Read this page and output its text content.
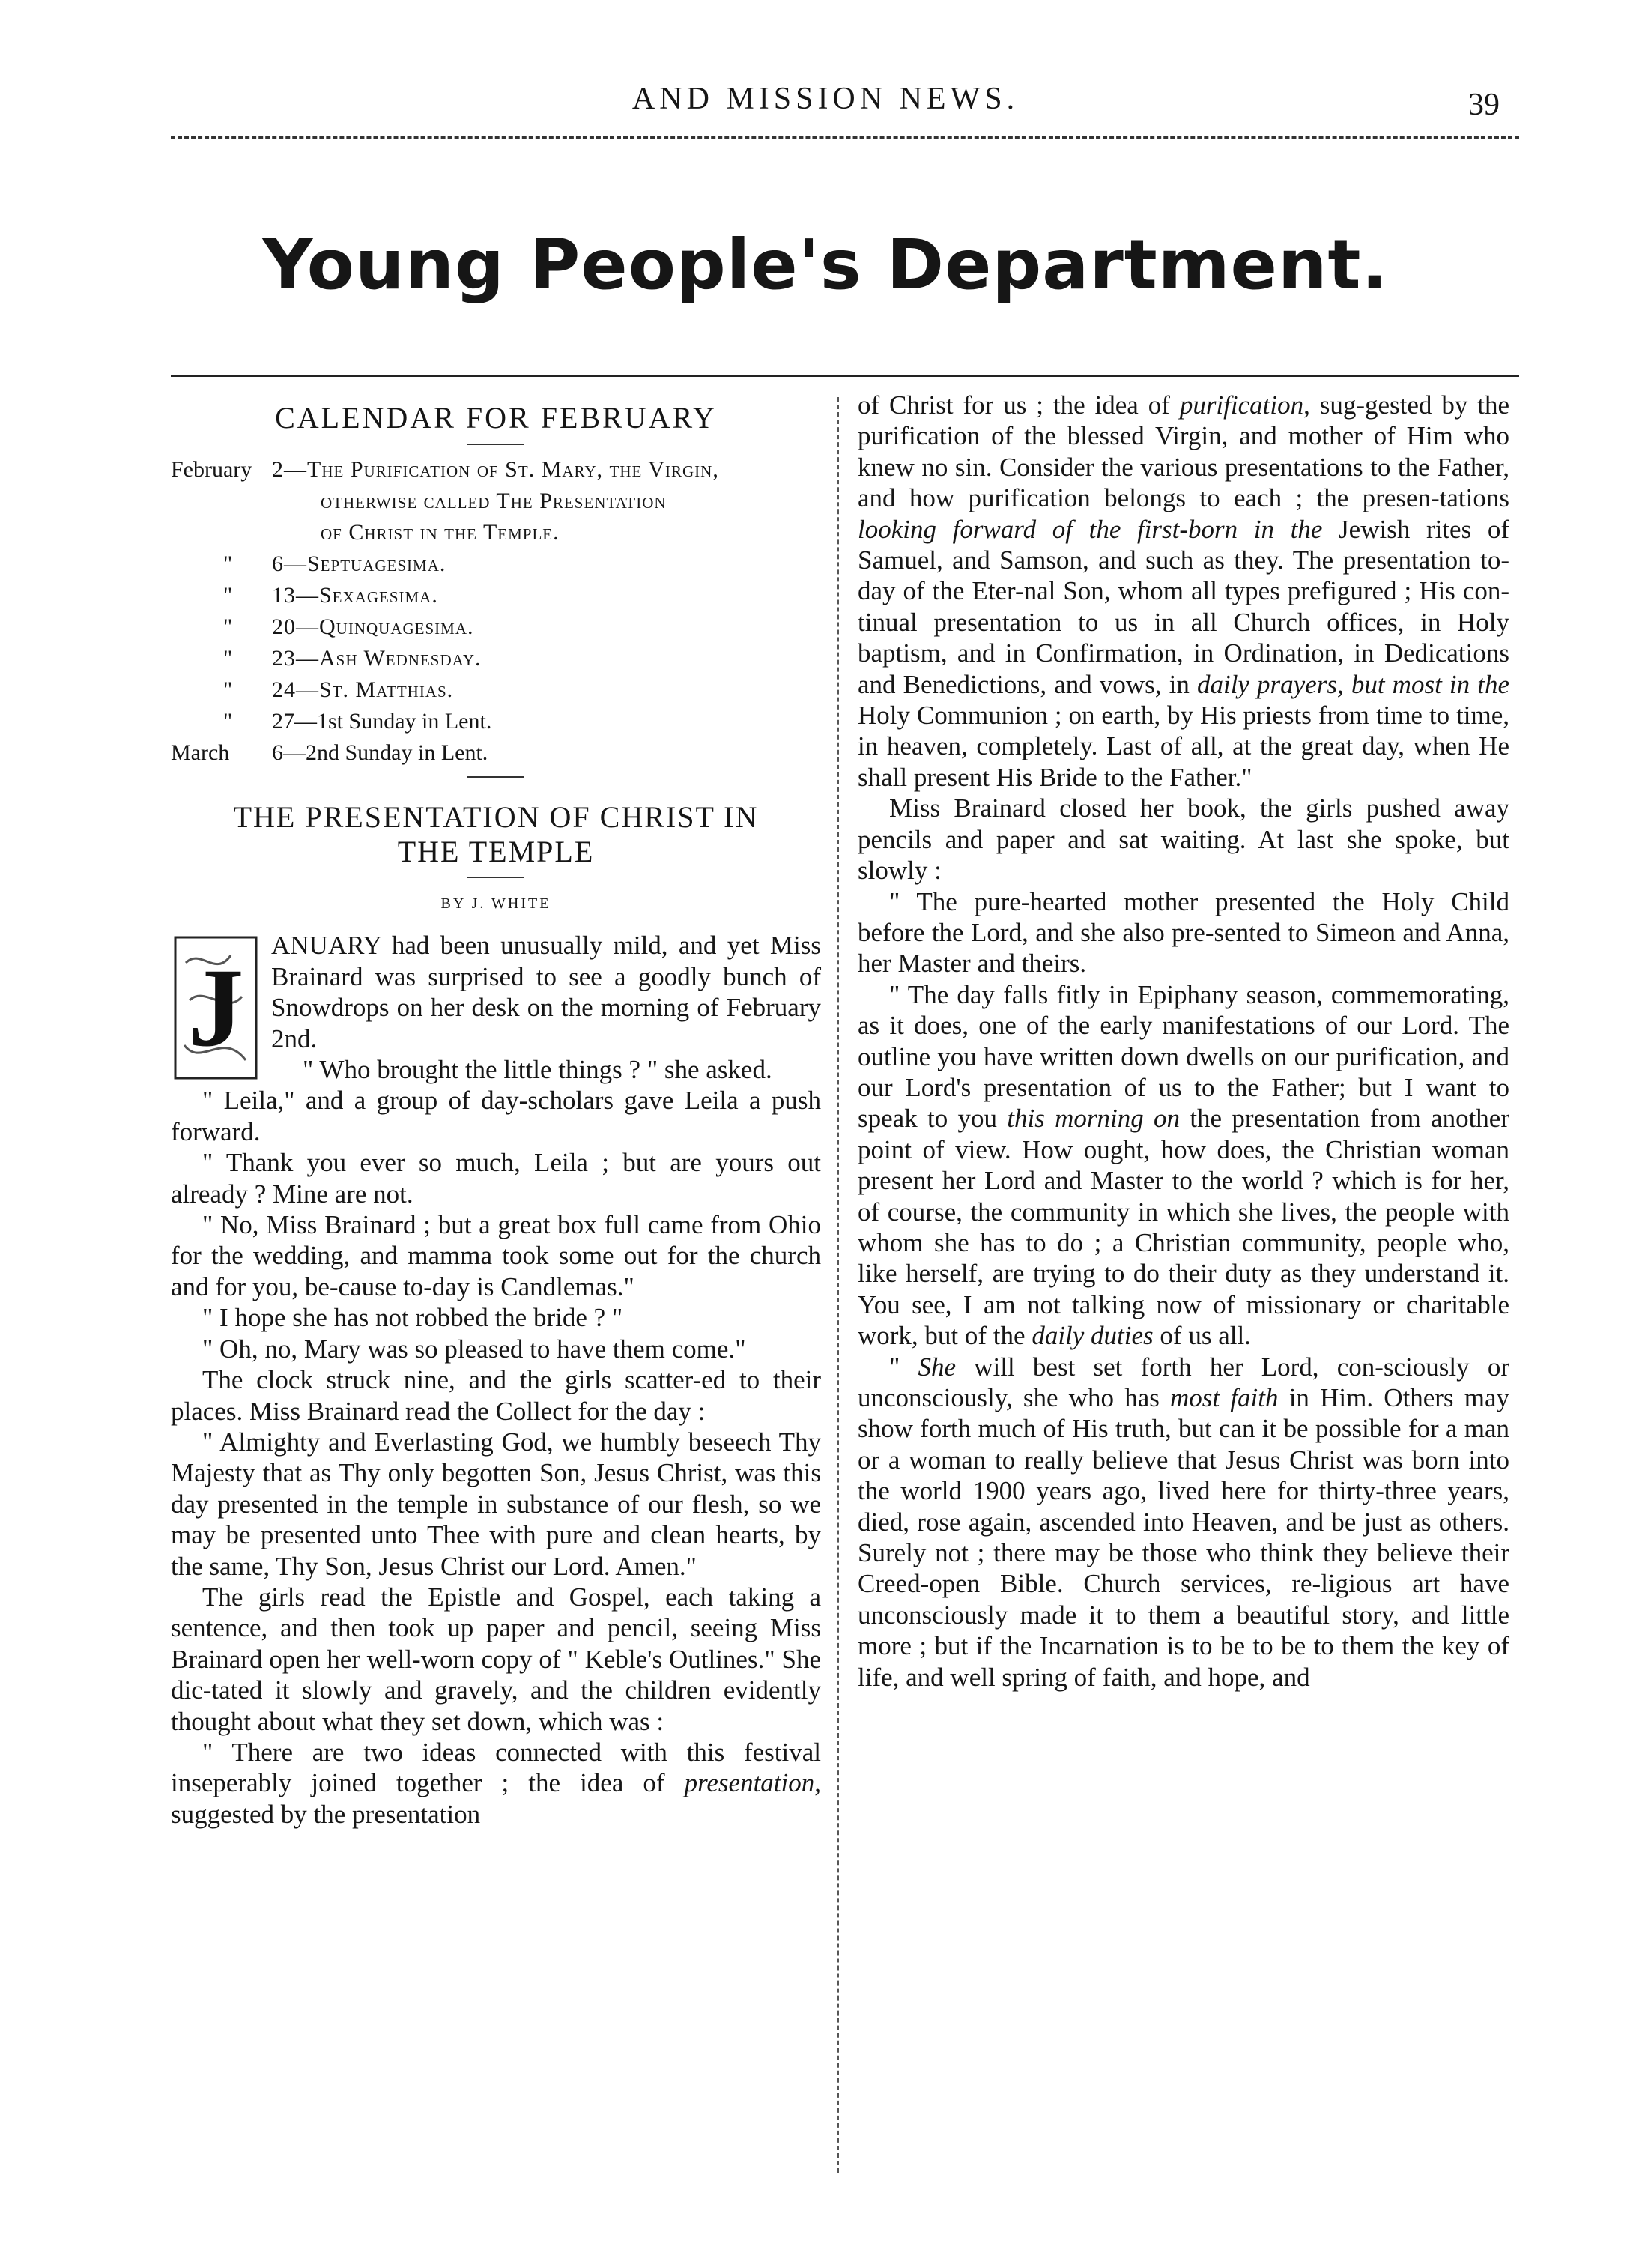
AND MISSION NEWS.	39
Young People's Department.
CALENDAR FOR FEBRUARY
February 2—The Purification of St. Mary, the Virgin,
otherwise called The Presentation
of Christ in the Temple.
"	6—Septuagesima.
"	13—Sexagesima.
"	20—Quinquagesima.
"	23—Ash Wednesday.
"	24—St. Matthias.
"	27—1st Sunday in Lent.
March	6—2nd Sunday in Lent.
THE PRESENTATION OF CHRIST IN
THE TEMPLE
BY J. WHITE
J

ANUARY had been unusually mild, and yet Miss Brainard was surprised to see a goodly bunch of Snowdrops on her desk on the morning of February 2nd.

" Who brought the little things ? " she asked.

" Leila," and a group of day-scholars gave Leila a push forward.

" Thank you ever so much, Leila ; but are yours out already ? Mine are not.

" No, Miss Brainard ; but a great box full came from Ohio for the wedding, and mamma took some out for the church and for you, be-cause to-day is Candlemas."

" I hope she has not robbed the bride ? "

" Oh, no, Mary was so pleased to have them come."

The clock struck nine, and the girls scatter-ed to their places. Miss Brainard read the Collect for the day :

" Almighty and Everlasting God, we humbly beseech Thy Majesty that as Thy only begotten Son, Jesus Christ, was this day presented in the temple in substance of our flesh, so we may be presented unto Thee with pure and clean hearts, by the same, Thy Son, Jesus Christ our Lord. Amen."

The girls read the Epistle and Gospel, each taking a sentence, and then took up paper and pencil, seeing Miss Brainard open her well-worn copy of " Keble's Outlines." She dic-tated it slowly and gravely, and the children evidently thought about what they set down, which was :

" There are two ideas connected with this festival inseperably joined together ; the idea of presentation, suggested by the presentation

of Christ for us ; the idea of purification, sug-gested by the purification of the blessed Virgin, and mother of Him who knew no sin. Consider the various presentations to the Father, and how purification belongs to each ; the presen-tations looking forward of the first-born in the Jewish rites of Samuel, and Samson, and such as they. The presentation to-day of the Eter-nal Son, whom all types prefigured ; His con-tinual presentation to us in all Church offices, in Holy baptism, and in Confirmation, in Ordination, in Dedications and Benedictions, and vows, in daily prayers, but most in the Holy Communion ; on earth, by His priests from time to time, in heaven, completely. Last of all, at the great day, when He shall present His Bride to the Father."

Miss Brainard closed her book, the girls pushed away pencils and paper and sat waiting. At last she spoke, but slowly :

" The pure-hearted mother presented the Holy Child before the Lord, and she also pre-sented to Simeon and Anna, her Master and theirs.

" The day falls fitly in Epiphany season, commemorating, as it does, one of the early manifestations of our Lord. The outline you have written down dwells on our purification, and our Lord's presentation of us to the Father; but I want to speak to you this morning on the presentation from another point of view. How ought, how does, the Christian woman present her Lord and Master to the world ? which is for her, of course, the community in which she lives, the people with whom she has to do ; a Christian community, people who, like herself, are trying to do their duty as they understand it. You see, I am not talking now of missionary or charitable work, but of the daily duties of us all.

" She will best set forth her Lord, con-sciously or unconsciously, she who has most faith in Him. Others may show forth much of His truth, but can it be possible for a man or a woman to really believe that Jesus Christ was born into the world 1900 years ago, lived here for thirty-three years, died, rose again, ascended into Heaven, and be just as others. Surely not ; there may be those who think they believe their Creed-open Bible. Church services, re-ligious art have unconsciously made it to them a beautiful story, and little more ; but if the Incarnation is to be to be to them the key of life, and well spring of faith, and hope, and
